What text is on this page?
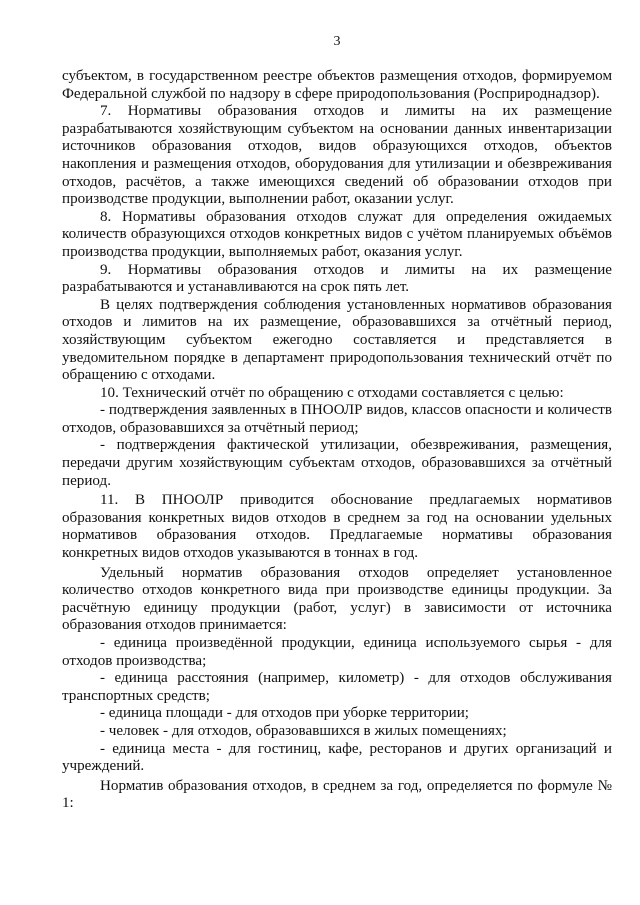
3

субъектом, в государственном реестре объектов размещения отходов, формируемом Федеральной службой по надзору в сфере природопользования (Росприроднадзор).

7. Нормативы образования отходов и лимиты на их размещение разрабатываются хозяйствующим субъектом на основании данных инвентаризации источников образования отходов, видов образующихся отходов, объектов накопления и размещения отходов, оборудования для утилизации и обезвреживания отходов, расчётов, а также имеющихся сведений об образовании отходов при производстве продукции, выполнении работ, оказании услуг.

8. Нормативы образования отходов служат для определения ожидаемых количеств образующихся отходов конкретных видов с учётом планируемых объёмов производства продукции, выполняемых работ, оказания услуг.

9. Нормативы образования отходов и лимиты на их размещение разрабатываются и устанавливаются на срок пять лет.

В целях подтверждения соблюдения установленных нормативов образования отходов и лимитов на их размещение, образовавшихся за отчётный период, хозяйствующим субъектом ежегодно составляется и представляется в уведомительном порядке в департамент природопользования технический отчёт по обращению с отходами.

10. Технический отчёт по обращению с отходами составляется с целью:

- подтверждения заявленных в ПНООЛР видов, классов опасности и количеств отходов, образовавшихся за отчётный период;

- подтверждения фактической утилизации, обезвреживания, размещения, передачи другим хозяйствующим субъектам отходов, образовавшихся за отчётный период.

11. В ПНООЛР приводится обоснование предлагаемых нормативов образования конкретных видов отходов в среднем за год на основании удельных нормативов образования отходов. Предлагаемые нормативы образования конкретных видов отходов указываются в тоннах в год.

Удельный норматив образования отходов определяет установленное количество отходов конкретного вида при производстве единицы продукции. За расчётную единицу продукции (работ, услуг) в зависимости от источника образования отходов принимается:

- единица произведённой продукции, единица используемого сырья - для отходов производства;

- единица расстояния (например, километр) - для отходов обслуживания транспортных средств;

- единица площади - для отходов при уборке территории;

- человек - для отходов, образовавшихся в жилых помещениях;

- единица места - для гостиниц, кафе, ресторанов и других организаций и учреждений.

Норматив образования отходов, в среднем за год, определяется по формуле № 1:
